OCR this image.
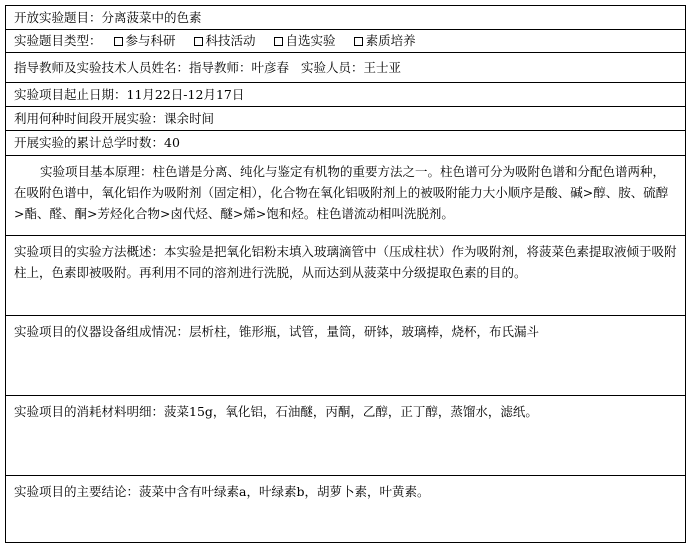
开放实验题目：分离菠菜中的色素
实验题目类型： 参与科研 科技活动 自选实验 素质培养
指导教师及实验技术人员姓名： 指导教师：叶彦春 实验人员：王士亚
实验项目起止日期：11月22日-12月17日
利用何种时间段开展实验：课余时间
开展实验的累计总学时数：40
实验项目基本原理：柱色谱是分离、纯化与鉴定有机物的重要方法之一。柱色谱可分为吸附色谱和分配色谱两种，在吸附色谱中，氧化铝作为吸附剂（固定相），化合物在氧化铝吸附剂上的被吸附能力大小顺序是酸、碱>醇、胺、硫醇>酯、醛、酮>芳烃化合物>卤代烃、醚>烯>饱和烃。柱色谱流动相叫洗脱剂。
实验项目的实验方法概述：本实验是把氧化铝粉末填入玻璃滴管中（压成柱状）作为吸附剂，将菠菜色素提取液倾于吸附柱上，色素即被吸附。再利用不同的溶剂进行洗脱，从而达到从菠菜中分级提取色素的目的。
实验项目的仪器设备组成情况：层析柱，锥形瓶，试管，量筒，研钵，玻璃棒，烧杯，布氏漏斗
实验项目的消耗材料明细：菠菜15g，氧化铝，石油醚，丙酮，乙醇，正丁醇，蒸馏水，滤纸。
实验项目的主要结论：菠菜中含有叶绿素a，叶绿素b，胡萝卜素，叶黄素。
